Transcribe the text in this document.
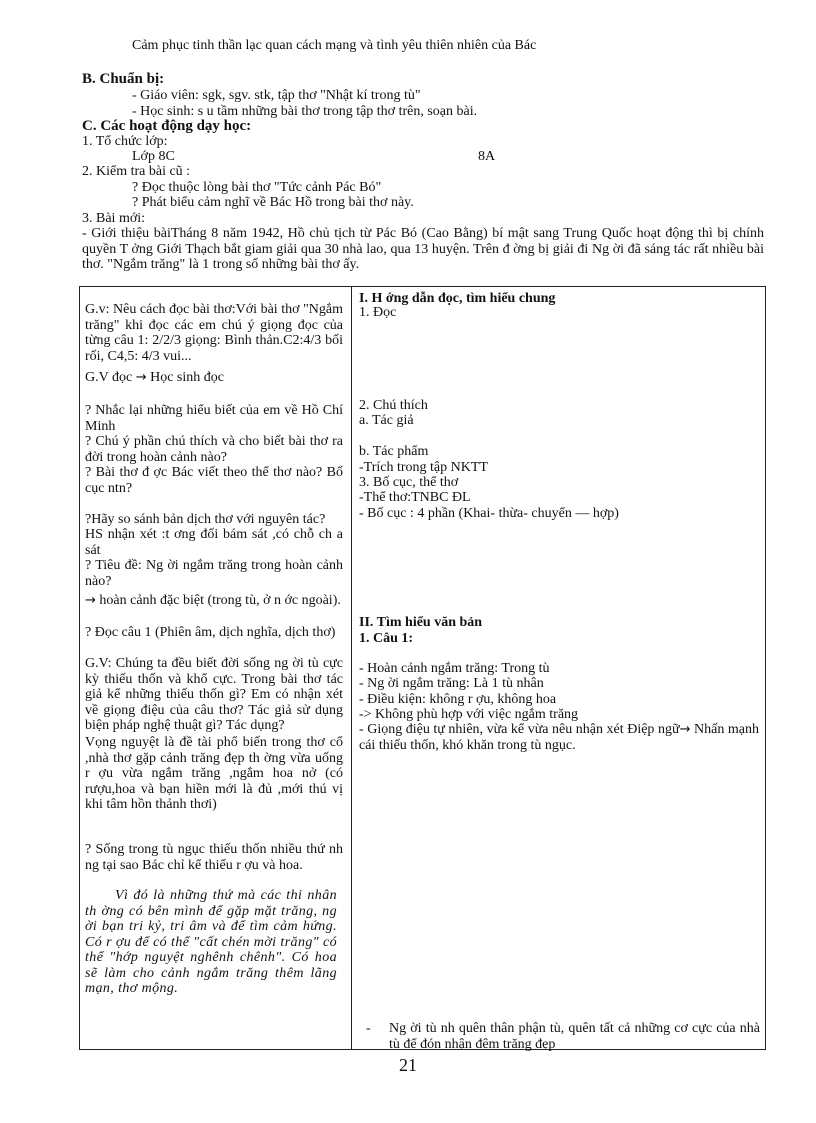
Cảm phục tinh thần lạc quan cách mạng và tình yêu thiên nhiên của Bác
B. Chuẩn bị:
- Giáo viên: sgk, sgv. stk, tập thơ "Nhật kí trong tù"
- Học sinh: s u tầm những bài thơ trong tập thơ trên, soạn bài.
C. Các hoạt động dạy học:
1. Tổ chức lớp:
Lớp 8C	8A
2. Kiểm tra bài cũ :
? Đọc thuộc lòng bài thơ "Tức cảnh Pác Bó"
? Phát biểu cảm nghĩ về Bác Hồ trong bài thơ này.
3. Bài mới:
- Giới thiệu bàiTháng 8 năm 1942, Hồ chủ tịch từ Pác Bó (Cao Bằng) bí mật sang Trung Quốc hoạt động thì bị chính quyền T ởng Giới Thạch bắt giam giải qua 30 nhà lao, qua 13 huyện. Trên đ ờng bị giải đi Ng ời đã sáng tác rất nhiều bài thơ. "Ngắm trăng" là 1 trong số những bài thơ ấy.
G.v: Nêu cách đọc bài thơ:Với bài thơ "Ngắm trăng" khi đọc các em chú ý giọng đọc của từng câu 1: 2/2/3 giọng: Bình thản.C2:4/3 bối rối, C4,5: 4/3 vui...
G.V đọc → Học sinh đọc
? Nhắc lại những hiểu biết của em về Hồ Chí Minh
? Chú ý phần chú thích và cho biết bài thơ ra đời trong hoàn cảnh nào?
? Bài thơ đ ợc Bác viết theo thể thơ nào? Bố cục ntn?
?Hãy so sánh bản dịch thơ với nguyên tác?
HS nhận xét :t ơng đối bám sát ,có chỗ ch a sát
? Tiêu đề: Ng ời ngắm trăng trong hoàn cảnh nào?
→ hoàn cảnh đặc biệt (trong tù, ở n ớc ngoài).
? Đọc câu 1 (Phiên âm, dịch nghĩa, dịch thơ)
G.V: Chúng ta đều biết đời sống ng ời tù cực kỳ thiếu thốn và khổ cực. Trong bài thơ tác giả kể những thiếu thốn gì? Em có nhận xét về giọng điệu của câu thơ? Tác giả sử dụng biện pháp nghệ thuật gì? Tác dụng?
Vọng nguyệt là đề tài phổ biến trong thơ cổ ,nhà thơ gặp cảnh trăng đẹp th ờng vừa uống r ợu vừa ngắm trăng ,ngắm hoa nở (có rượu,hoa và bạn hiền mới là đủ ,mới thú vị khi tâm hồn thảnh thơi)
? Sống trong tù ngục thiếu thốn nhiều thứ nh ng tại sao Bác chỉ kể thiếu r ợu và hoa.
Vì đó là những thứ mà các thi nhân th ờng có bên mình để gặp mặt trăng, ng ời bạn tri kỷ, tri âm và để tìm cảm hứng. Có r ợu để có thể "cất chén mời trăng" có thể "hớp nguyệt nghênh chênh". Có hoa sẽ làm cho cảnh ngắm trăng thêm lãng mạn, thơ mộng.
I. H ớng dẫn đọc, tìm hiểu chung
1. Đọc
2. Chú thích
a. Tác giả
b. Tác phẩm
-Trích trong tập NKTT
3. Bố cục, thể thơ
-Thể thơ:TNBC ĐL
- Bố cục : 4 phần (Khai- thừa- chuyển — hợp)
II. Tìm hiểu văn bản
1. Câu 1:
- Hoàn cảnh ngắm trăng: Trong tù
- Ng ời ngắm trăng: Là 1 tù nhân
- Điều kiện: không r ợu, không hoa
-> Không phù hợp với việc ngắm trăng
- Giọng điệu tự nhiên, vừa kể vừa nêu nhận xét Điệp ngữ→ Nhấn mạnh cái thiếu thốn, khó khăn trong tù ngục.
-	Ng ời tù nh quên thân phận tù, quên tất cả những cơ cực của nhà tù để đón nhận đêm trăng đẹp
21
